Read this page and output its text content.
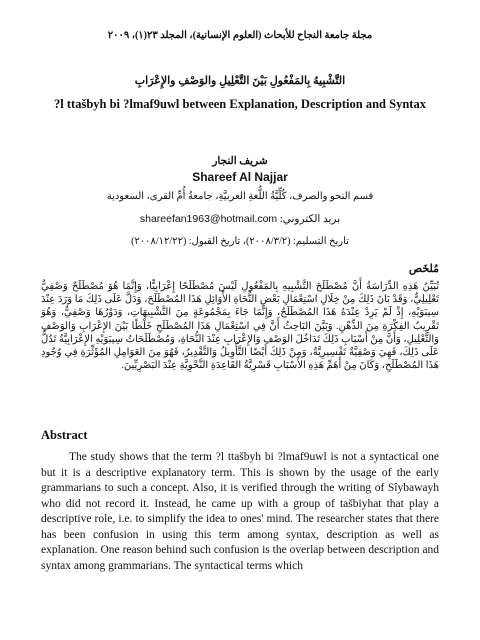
مجلة جامعة النجاح للأبحاث (العلوم الإنسانية)، المجلد ٢٣(١)، ٢٠٠٩
التَّشْبِيهُ بِالمَفْعُولِ بَيْنَ التَّعْلِيلِ والوَصْفِ والإِعْرَابِ
?l ttašbyh bi ?lmaf9uwl between Explanation, Description and Syntax
شريف النجار
Shareef Al Najjar
قسم النحو والصرف، كُلِّيَّةُ اللُّغةِ العربيَّةِ، جامعةُ أُمِّ القرى، السعودية
بريد الكتروني: shareefan1963@hotmail.com
تاريخ التسليم: (٢٠٠٨/٣/٢)، تاريخ القبول: (٢٠٠٨/١٢/٢٢)
مُلخَص
تُبَيِّنُ هَذِهِ الدِّرَاسَةُ أَنَّ مُصْطَلَحَ التَّشْبِيهِ بِالمَفْعُولِ لَيْسَ مُصْطَلَحًا إِعْرَابِيًّا، وَإِنَّمَا هُوَ مُصْطَلَحٌ وَصْفِيٌّ تَعْلِيلِيٌّ، وَقَدْ بَانَ ذَلِكَ مِنْ خِلَالِ اسْتِعْمَالِ بَعْضِ النُّحَاةِ الأَوَائِلِ هَذَا المُصْطَلَحَ، وَدَلَّ عَلَى ذَلِكَ مَا وَرَدَ عِنْدَ سِيبَوَيْهِ، إِذْ لَمْ يَرِدْ عِنْدَهُ هَذَا المُصْطَلَحُ، وَإِنَّمَا جَاءَ بِمَجْمُوعَةٍ مِنَ التَّشْبِيهَاتِ، وَدَوْرُهَا وَصْفِيٌّ، وَهُوَ تَقْرِيبُ الفِكْرَةِ مِنَ الذِّهْنِ. وَبَيَّنَ البَاحِثُ أَنَّ فِي اسْتِعْمَالِ هَذَا المُصْطَلَحِ خَلْطًا بَيْنَ الإِعْرَابِ وَالوَصْفِ وَالتَّعْلِيلِ، وَأَنَّ مِنْ أَسْبَابِ ذَلِكَ تَدَاخُلَ الوَصْفِ وَالإِعْرَابِ عِنْدَ النُّحَاةِ، وَمُصْطَلَحَاتُ سِيبَوَيْهِ الإِعْرَابِيَّةُ تَدُلُّ عَلَى ذَلِكَ، فَهِيَ وَصْفِيَّةٌ تَفْسِيرِيَّةٌ، وَمِنْ ذَلِكَ أَيْضًا التَّأْوِيلُ وَالتَّقْدِيرُ، فَهُوَ مِنَ العَوَامِلِ المُؤَثِّرَةِ فِي وُجُودِ هَذَا المُصْطَلَحِ، وَكَانَ مِنْ أَهَمِّ هَذِهِ الأَسْبَابِ قَسْرِيَّةُ القَاعِدَةِ النَّحْوِيَّةِ عِنْدَ البَصْرِيِّينَ.
Abstract
The study shows that the term ?l ttašbyh bi ?lmaf9uwl is not a syntactical one but it is a descriptive explanatory term. This is shown by the usage of the early grammarians to such a concept. Also, it is verified through the writing of Sîybawayh who did not record it. Instead, he came up with a group of tašbiyhat that play a descriptive role, i.e. to simplify the idea to ones' mind. The researcher states that there has been confusion in using this term among syntax, description as well as explanation. One reason behind such confusion is the overlap between description and syntax among grammarians. The syntactical terms which
